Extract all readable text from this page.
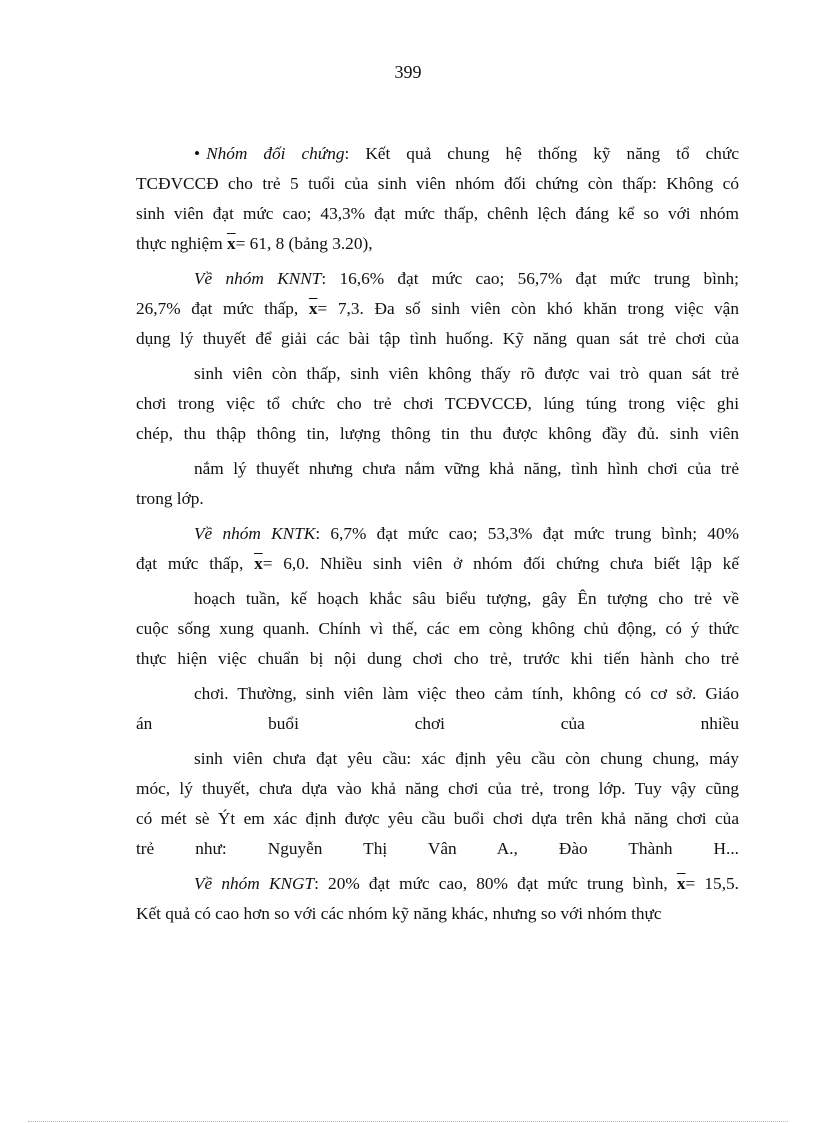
399

• Nhóm đối chứng: Kết quả chung hệ thống kỹ năng tổ chức
TCĐVCCĐ cho trẻ 5 tuổi của sinh viên nhóm đối chứng còn thấp: Không có
sinh viên đạt mức cao; 43,3% đạt mức thấp, chênh lệch đáng kể so với nhóm
thực nghiệm $\overline{x}= 61$, 8 (bảng 3.20),

Về nhóm KNNT: 16,6% đạt mức cao; 56,7% đạt mức trung bình;
26,7% đạt mức thấp, $\overline{x}= 7,3$. Đa số sinh viên còn khó khăn trong việc vận
dụng lý thuyết để giải các bài tập tình huống. Kỹ năng quan sát trẻ chơi của

sinh viên còn thấp, sinh viên không thấy rõ được vai trò quan sát trẻ
chơi trong việc tổ chức cho trẻ chơi TCĐVCCĐ, lúng túng trong việc ghi
chép, thu thập thông tin, lượng thông tin thu được không đầy đủ. sinh viên

nắm lý thuyết nhưng chưa nắm vững khả năng, tình hình chơi của trẻ
trong lớp.

Về nhóm KNTK: 6,7% đạt mức cao; 53,3% đạt mức trung bình; 40%
đạt mức thấp, $\overline{x}= 6,0$. Nhiều sinh viên ở nhóm đối chứng chưa biết lập kế

hoạch tuần, kế hoạch khắc sâu biểu tượng, gây Ên tượng cho trẻ về
cuộc sống xung quanh. Chính vì thế, các em còng không chủ động, có ý thức
thực hiện việc chuẩn bị nội dung chơi cho trẻ, trước khi tiến hành cho trẻ

chơi. Thường, sinh viên làm việc theo cảm tính, không có cơ sở. Giáo
án buổi chơi của nhiều

sinh viên chưa đạt yêu cầu: xác định yêu cầu còn chung chung, máy
móc, lý thuyết, chưa dựa vào khả năng chơi của trẻ, trong lớp. Tuy vậy cũng
có mét sè Ýt em xác định được yêu cầu buổi chơi dựa trên khả năng chơi của
trẻ như: Nguyễn Thị Vân A., Đào Thành H...

Về nhóm KNGT: 20% đạt mức cao, 80% đạt mức trung bình, $\overline{x}= 15,5$.
Kết quả có cao hơn so với các nhóm kỹ năng khác, nhưng so với nhóm thực
